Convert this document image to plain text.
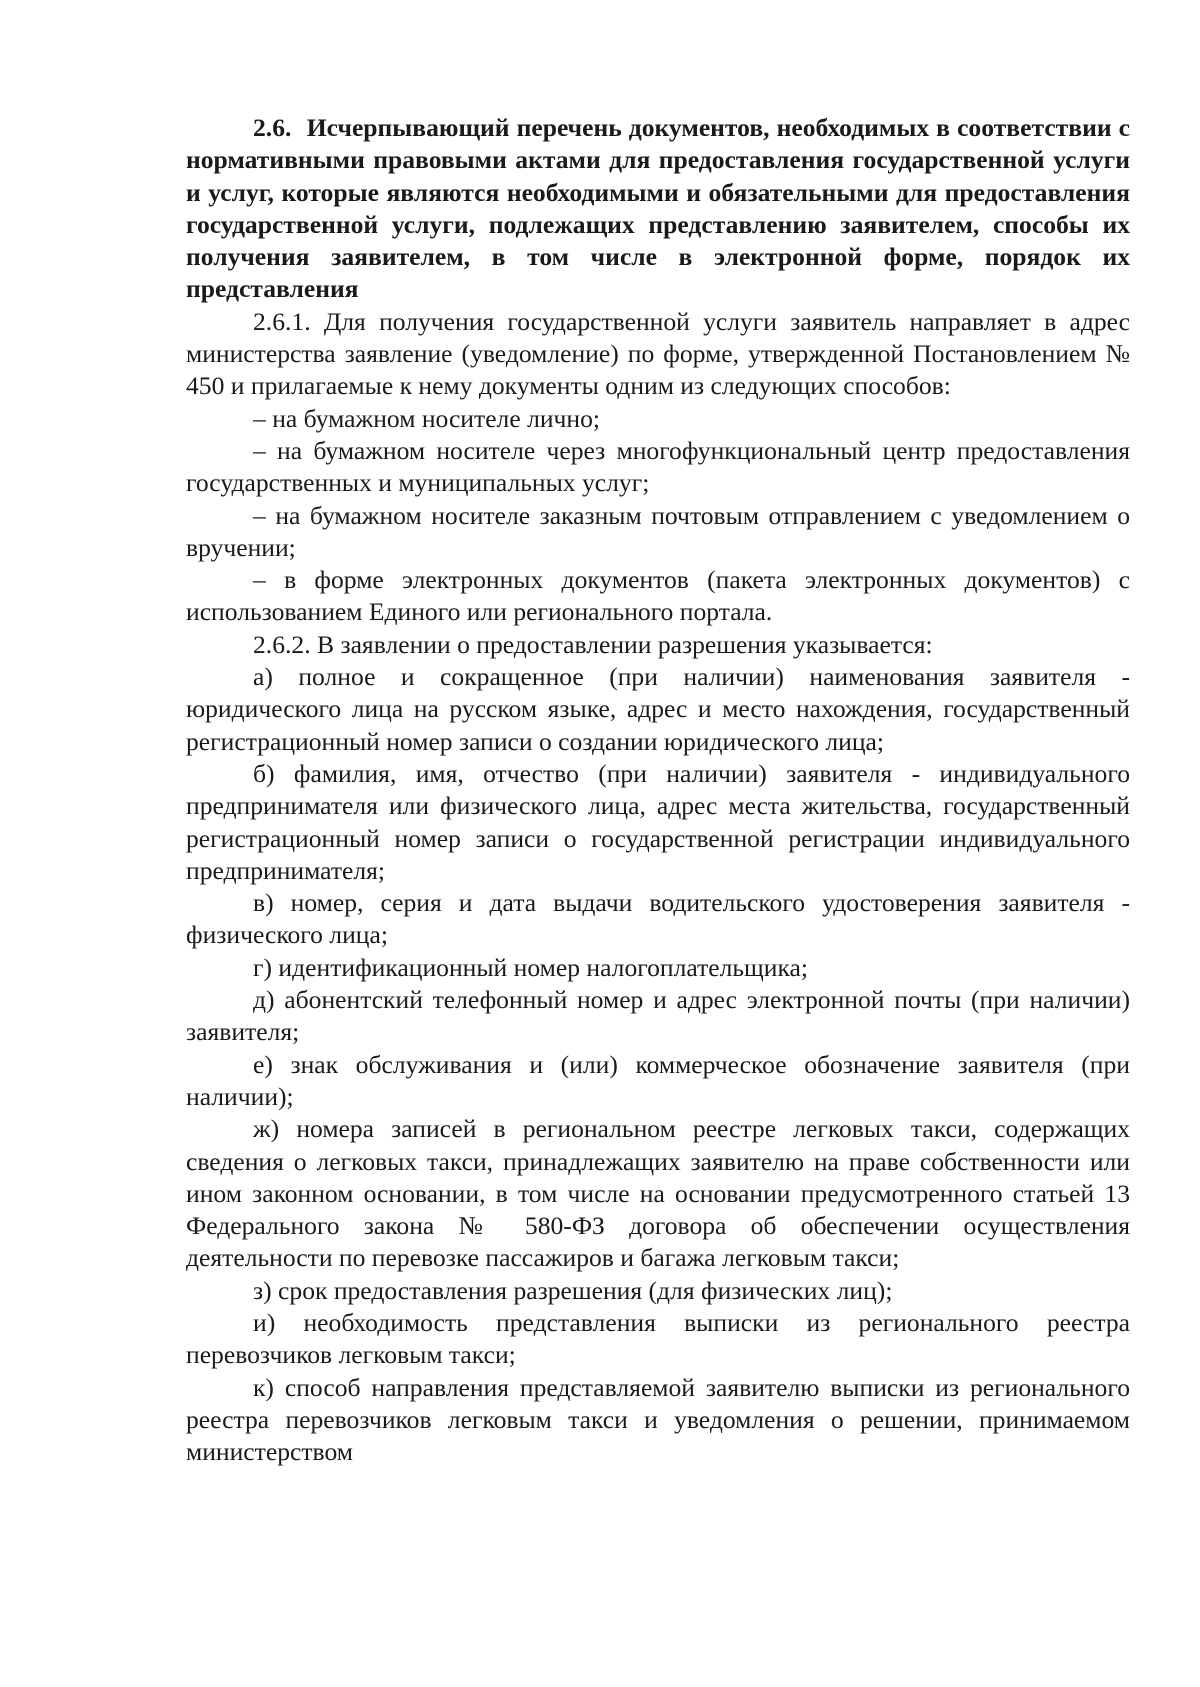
2.6. Исчерпывающий перечень документов, необходимых в соответствии с нормативными правовыми актами для предоставления государственной услуги и услуг, которые являются необходимыми и обязательными для предоставления государственной услуги, подлежащих представлению заявителем, способы их получения заявителем, в том числе в электронной форме, порядок их представления

2.6.1. Для получения государственной услуги заявитель направляет в адрес министерства заявление (уведомление) по форме, утвержденной Постановлением № 450 и прилагаемые к нему документы одним из следующих способов:

– на бумажном носителе лично;

– на бумажном носителе через многофункциональный центр предоставления государственных и муниципальных услуг;

– на бумажном носителе заказным почтовым отправлением с уведомлением о вручении;

– в форме электронных документов (пакета электронных документов) с использованием Единого или регионального портала.

2.6.2. В заявлении о предоставлении разрешения указывается:

а) полное и сокращенное (при наличии) наименования заявителя - юридического лица на русском языке, адрес и место нахождения, государственный регистрационный номер записи о создании юридического лица;

б) фамилия, имя, отчество (при наличии) заявителя - индивидуального предпринимателя или физического лица, адрес места жительства, государственный регистрационный номер записи о государственной регистрации индивидуального предпринимателя;

в) номер, серия и дата выдачи водительского удостоверения заявителя - физического лица;

г) идентификационный номер налогоплательщика;

д) абонентский телефонный номер и адрес электронной почты (при наличии) заявителя;

е) знак обслуживания и (или) коммерческое обозначение заявителя (при наличии);

ж) номера записей в региональном реестре легковых такси, содержащих сведения о легковых такси, принадлежащих заявителю на праве собственности или ином законном основании, в том числе на основании предусмотренного статьей 13 Федерального закона № 580-ФЗ договора об обеспечении осуществления деятельности по перевозке пассажиров и багажа легковым такси;

з) срок предоставления разрешения (для физических лиц);

и) необходимость представления выписки из регионального реестра перевозчиков легковым такси;

к) способ направления представляемой заявителю выписки из регионального реестра перевозчиков легковым такси и уведомления о решении, принимаемом министерством
